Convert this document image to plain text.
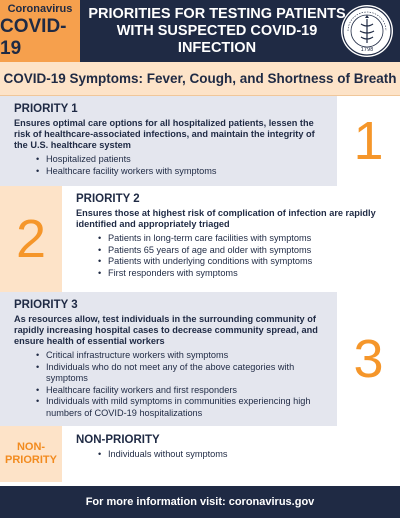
Coronavirus
COVID-19
PRIORITIES FOR TESTING PATIENTS
WITH SUSPECTED COVID-19 INFECTION	1798
COVID-19 Symptoms: Fever, Cough, and Shortness of Breath
PRIORITY 1
Ensures optimal care options for all hospitalized patients, lessen the risk of healthcare-associated infections, and maintain the integrity of the U.S. healthcare system
• Hospitalized patients
• Healthcare facility workers with symptoms	1
2
PRIORITY 2
Ensures those at highest risk of complication of infection are rapidly identified and appropriately triaged
• Patients in long-term care facilities with symptoms
• Patients 65 years of age and older with symptoms
• Patients with underlying conditions with symptoms
• First responders with symptoms
PRIORITY 3
As resources allow, test individuals in the surrounding community of rapidly increasing hospital cases to decrease community spread, and ensure health of essential workers
• Critical infrastructure workers with symptoms
• Individuals who do not meet any of the above categories with symptoms
• Healthcare facility workers and first responders
• Individuals with mild symptoms in communities experiencing high numbers of COVID-19 hospitalizations
3
NON-
PRIORITY
NON-PRIORITY
• Individuals without symptoms
For more information visit: coronavirus.gov
